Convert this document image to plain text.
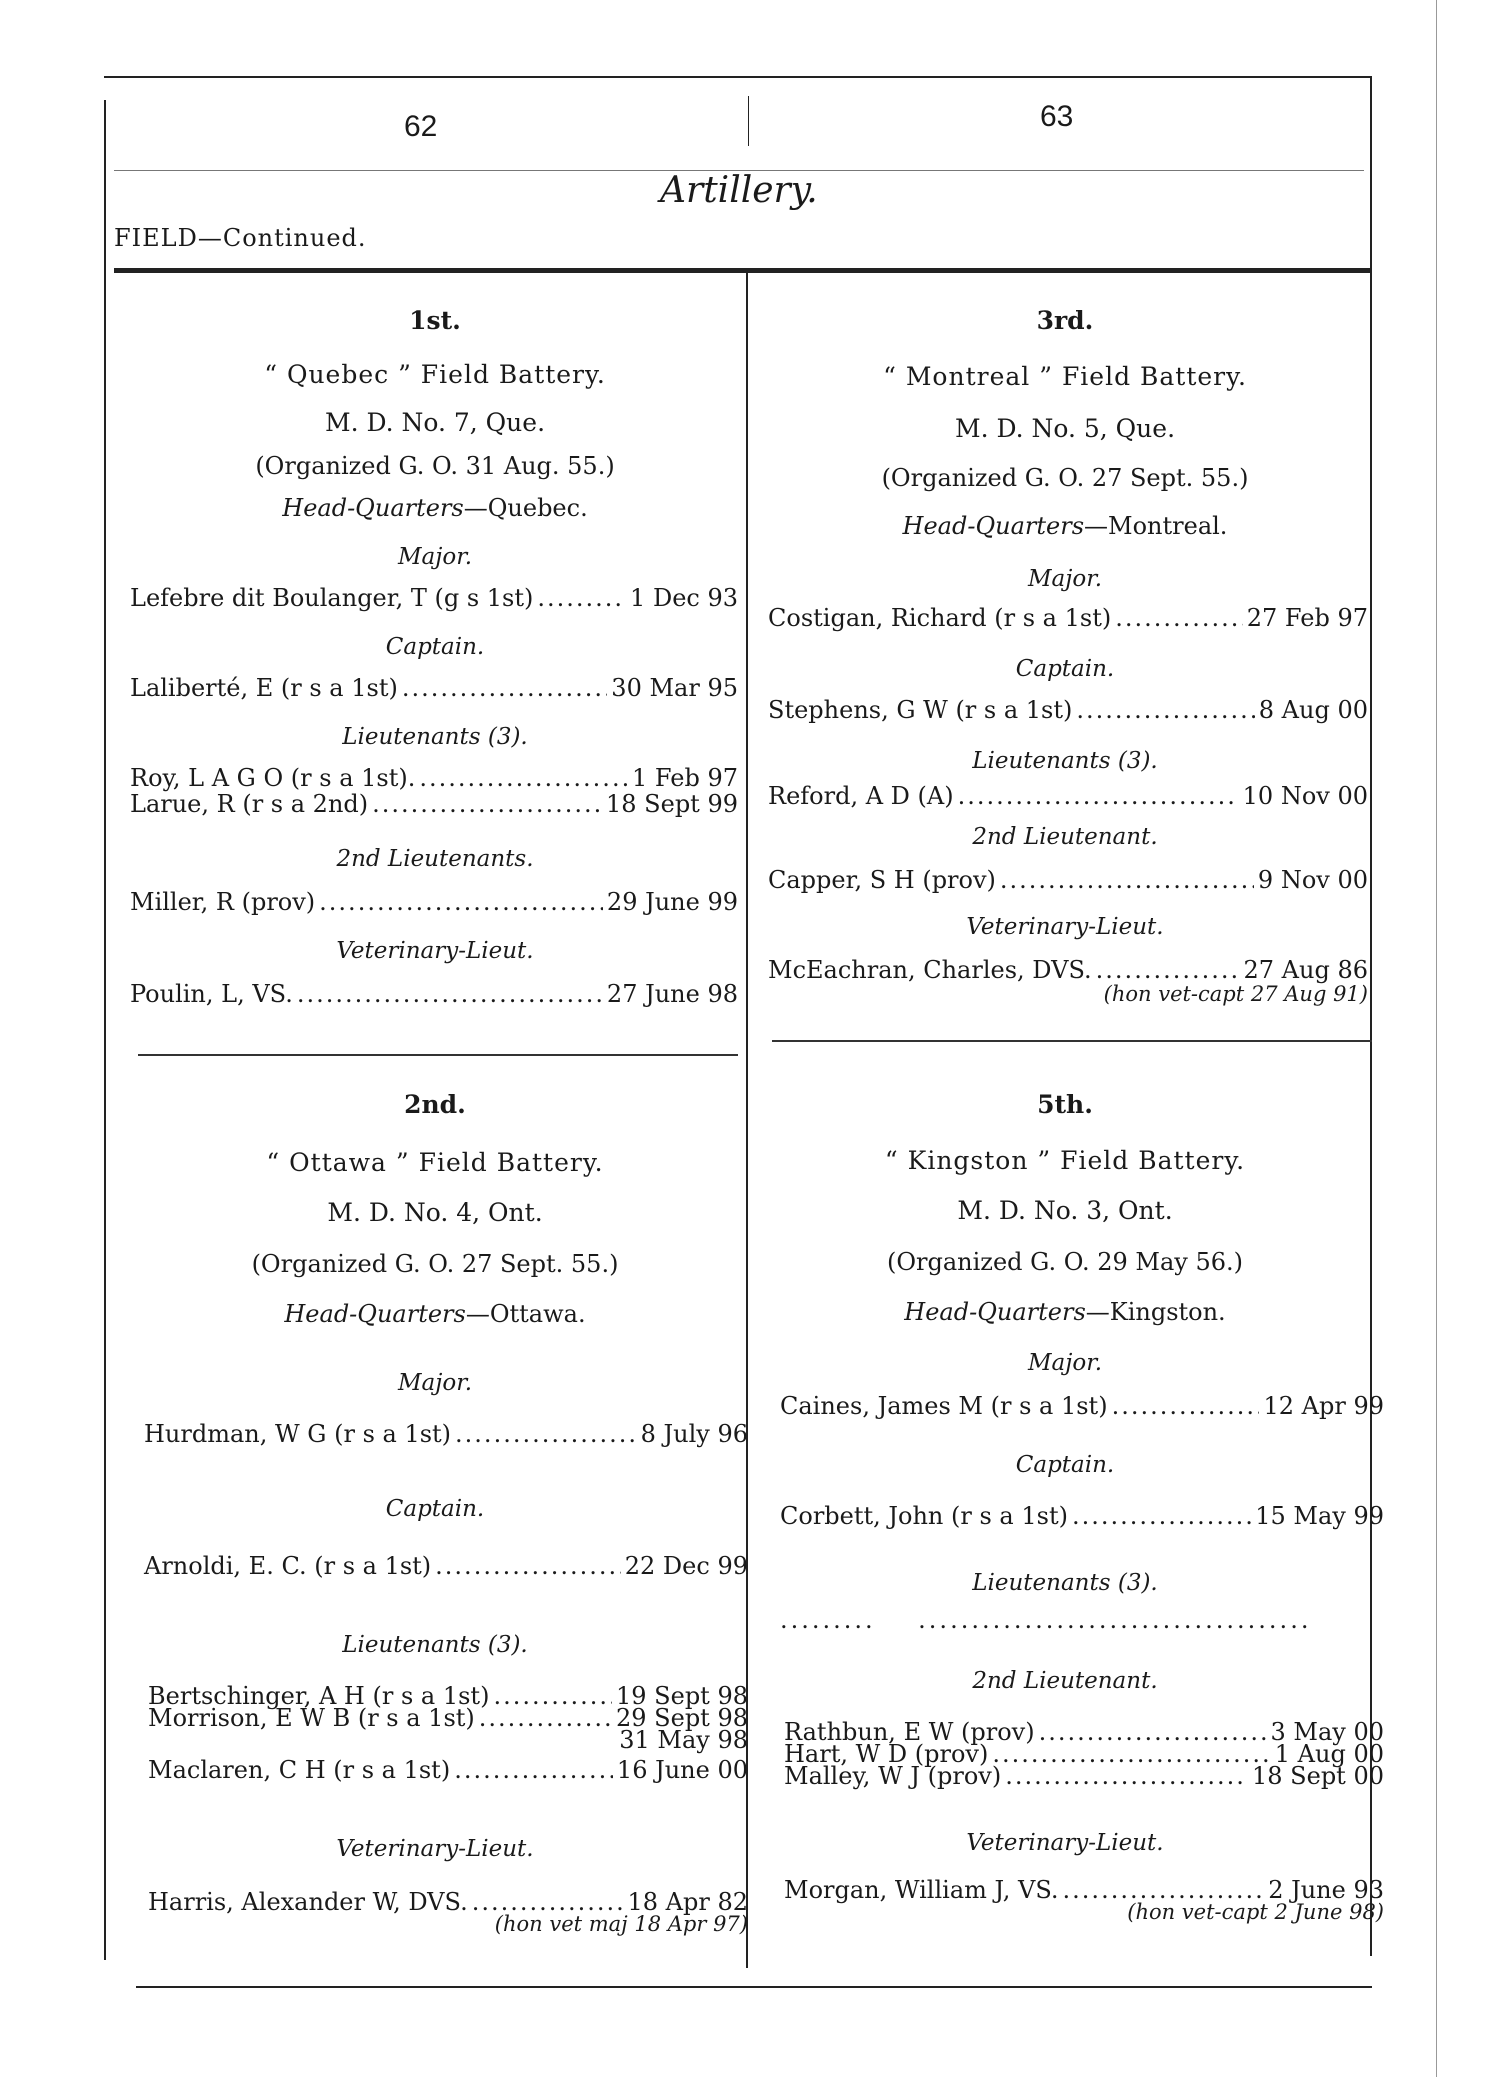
62	63
Artillery.
FIELD—Continued.
1st.
“ Quebec ” Field Battery.
M. D. No. 7, Que.
(Organized G. O. 31 Aug. 55.)
Head-Quarters—Quebec.
Major.
Lefebre dit Boulanger, T (g s 1st) .....	1 Dec 93
Captain.
Laliberté, E (r s a 1st) .....	30 Mar 95
Lieutenants (3).
Roy, L A G O (r s a 1st). .....	1 Feb 97
Larue, R (r s a 2nd) .....	18 Sept 99
2nd Lieutenants.
Miller, R (prov) .....	29 June 99
Veterinary-Lieut.
Poulin, L, VS. .....	27 June 98
3rd.
“ Montreal ” Field Battery.
M. D. No. 5, Que.
(Organized G. O. 27 Sept. 55.)
Head-Quarters—Montreal.
Major.
Costigan, Richard (r s a 1st) .....	27 Feb 97
Captain.
Stephens, G W (r s a 1st) .....	8 Aug 00
Lieutenants (3).
Reford, A D (A) .....	10 Nov 00
2nd Lieutenant.
Capper, S H (prov) .....	9 Nov 00
Veterinary-Lieut.
McEachran, Charles, DVS. .....	27 Aug 86
(hon vet-capt 27 Aug 91)
2nd.
“ Ottawa ” Field Battery.
M. D. No. 4, Ont.
(Organized G. O. 27 Sept. 55.)
Head-Quarters—Ottawa.
Major.
Hurdman, W G (r s a 1st) .....	8 July 96
Captain.
Arnoldi, E. C. (r s a 1st) .....	22 Dec 99
Lieutenants (3).
Bertschinger, A H (r s a 1st) .....	19 Sept 98
Morrison, E W B (r s a 1st) .....	29 Sept 98
31 May 98
Maclaren, C H (r s a 1st) .....	16 June 00
Veterinary-Lieut.
Harris, Alexander W, DVS. .....	18 Apr 82
(hon vet maj 18 Apr 97)
5th.
“ Kingston ” Field Battery.
M. D. No. 3, Ont.
(Organized G. O. 29 May 56.)
Head-Quarters—Kingston.
Major.
Caines, James M (r s a 1st) .....	12 Apr 99
Captain.
Corbett, John (r s a 1st) .....	15 May 99
Lieutenants (3).
.........    .....................................
2nd Lieutenant.
Rathbun, E W (prov) .....	3 May 00
Hart, W D (prov) .....	1 Aug 00
Malley, W J (prov) .....	18 Sept 00
Veterinary-Lieut.
Morgan, William J, VS. .....	2 June 93
(hon vet-capt 2 June 98)
